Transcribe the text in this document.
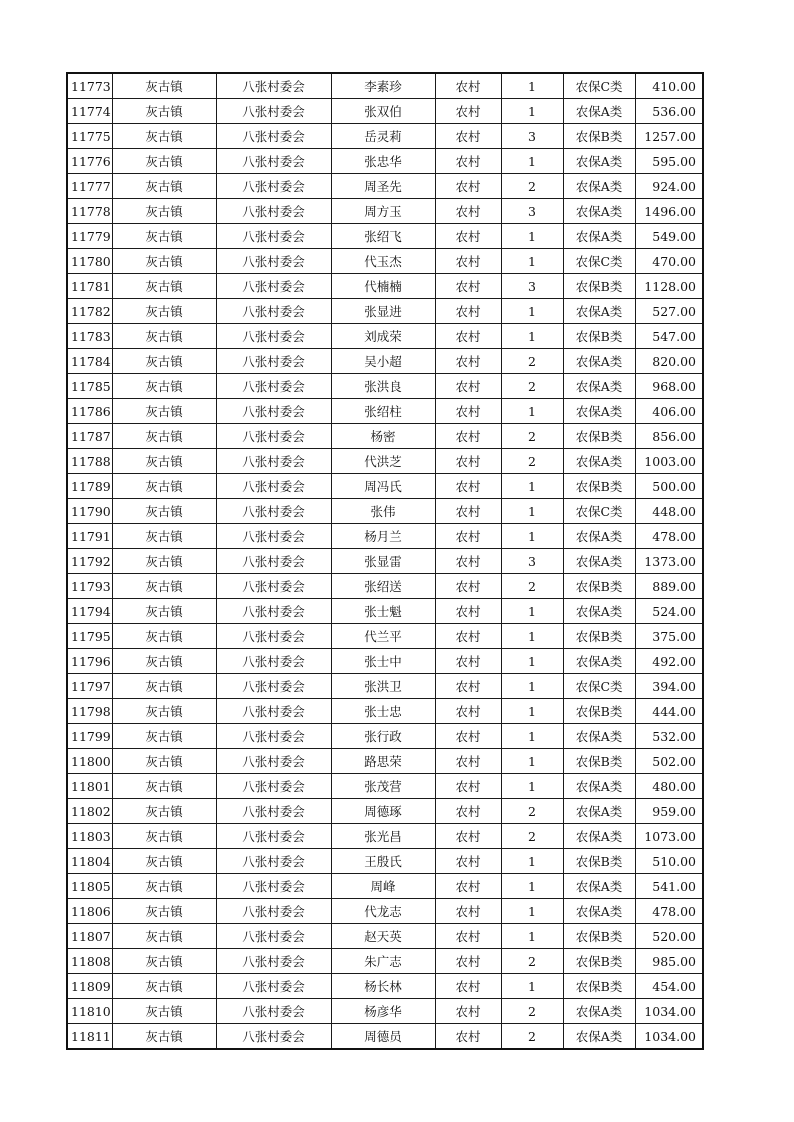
11773	灰古镇	八张村委会	李素珍	农村	1	农保C类	410.00
11774	灰古镇	八张村委会	张双伯	农村	1	农保A类	536.00
11775	灰古镇	八张村委会	岳灵莉	农村	3	农保B类	1257.00
11776	灰古镇	八张村委会	张忠华	农村	1	农保A类	595.00
11777	灰古镇	八张村委会	周圣先	农村	2	农保A类	924.00
11778	灰古镇	八张村委会	周方玉	农村	3	农保A类	1496.00
11779	灰古镇	八张村委会	张绍飞	农村	1	农保A类	549.00
11780	灰古镇	八张村委会	代玉杰	农村	1	农保C类	470.00
11781	灰古镇	八张村委会	代楠楠	农村	3	农保B类	1128.00
11782	灰古镇	八张村委会	张显进	农村	1	农保A类	527.00
11783	灰古镇	八张村委会	刘成荣	农村	1	农保B类	547.00
11784	灰古镇	八张村委会	吴小超	农村	2	农保A类	820.00
11785	灰古镇	八张村委会	张洪良	农村	2	农保A类	968.00
11786	灰古镇	八张村委会	张绍柱	农村	1	农保A类	406.00
11787	灰古镇	八张村委会	杨密	农村	2	农保B类	856.00
11788	灰古镇	八张村委会	代洪芝	农村	2	农保A类	1003.00
11789	灰古镇	八张村委会	周冯氏	农村	1	农保B类	500.00
11790	灰古镇	八张村委会	张伟	农村	1	农保C类	448.00
11791	灰古镇	八张村委会	杨月兰	农村	1	农保A类	478.00
11792	灰古镇	八张村委会	张显雷	农村	3	农保A类	1373.00
11793	灰古镇	八张村委会	张绍送	农村	2	农保B类	889.00
11794	灰古镇	八张村委会	张士魁	农村	1	农保A类	524.00
11795	灰古镇	八张村委会	代兰平	农村	1	农保B类	375.00
11796	灰古镇	八张村委会	张士中	农村	1	农保A类	492.00
11797	灰古镇	八张村委会	张洪卫	农村	1	农保C类	394.00
11798	灰古镇	八张村委会	张士忠	农村	1	农保B类	444.00
11799	灰古镇	八张村委会	张行政	农村	1	农保A类	532.00
11800	灰古镇	八张村委会	路思荣	农村	1	农保B类	502.00
11801	灰古镇	八张村委会	张茂营	农村	1	农保A类	480.00
11802	灰古镇	八张村委会	周德琢	农村	2	农保A类	959.00
11803	灰古镇	八张村委会	张光昌	农村	2	农保A类	1073.00
11804	灰古镇	八张村委会	王殷氏	农村	1	农保B类	510.00
11805	灰古镇	八张村委会	周峰	农村	1	农保A类	541.00
11806	灰古镇	八张村委会	代龙志	农村	1	农保A类	478.00
11807	灰古镇	八张村委会	赵天英	农村	1	农保B类	520.00
11808	灰古镇	八张村委会	朱广志	农村	2	农保B类	985.00
11809	灰古镇	八张村委会	杨长林	农村	1	农保B类	454.00
11810	灰古镇	八张村委会	杨彦华	农村	2	农保A类	1034.00
11811	灰古镇	八张村委会	周德员	农村	2	农保A类	1034.00
